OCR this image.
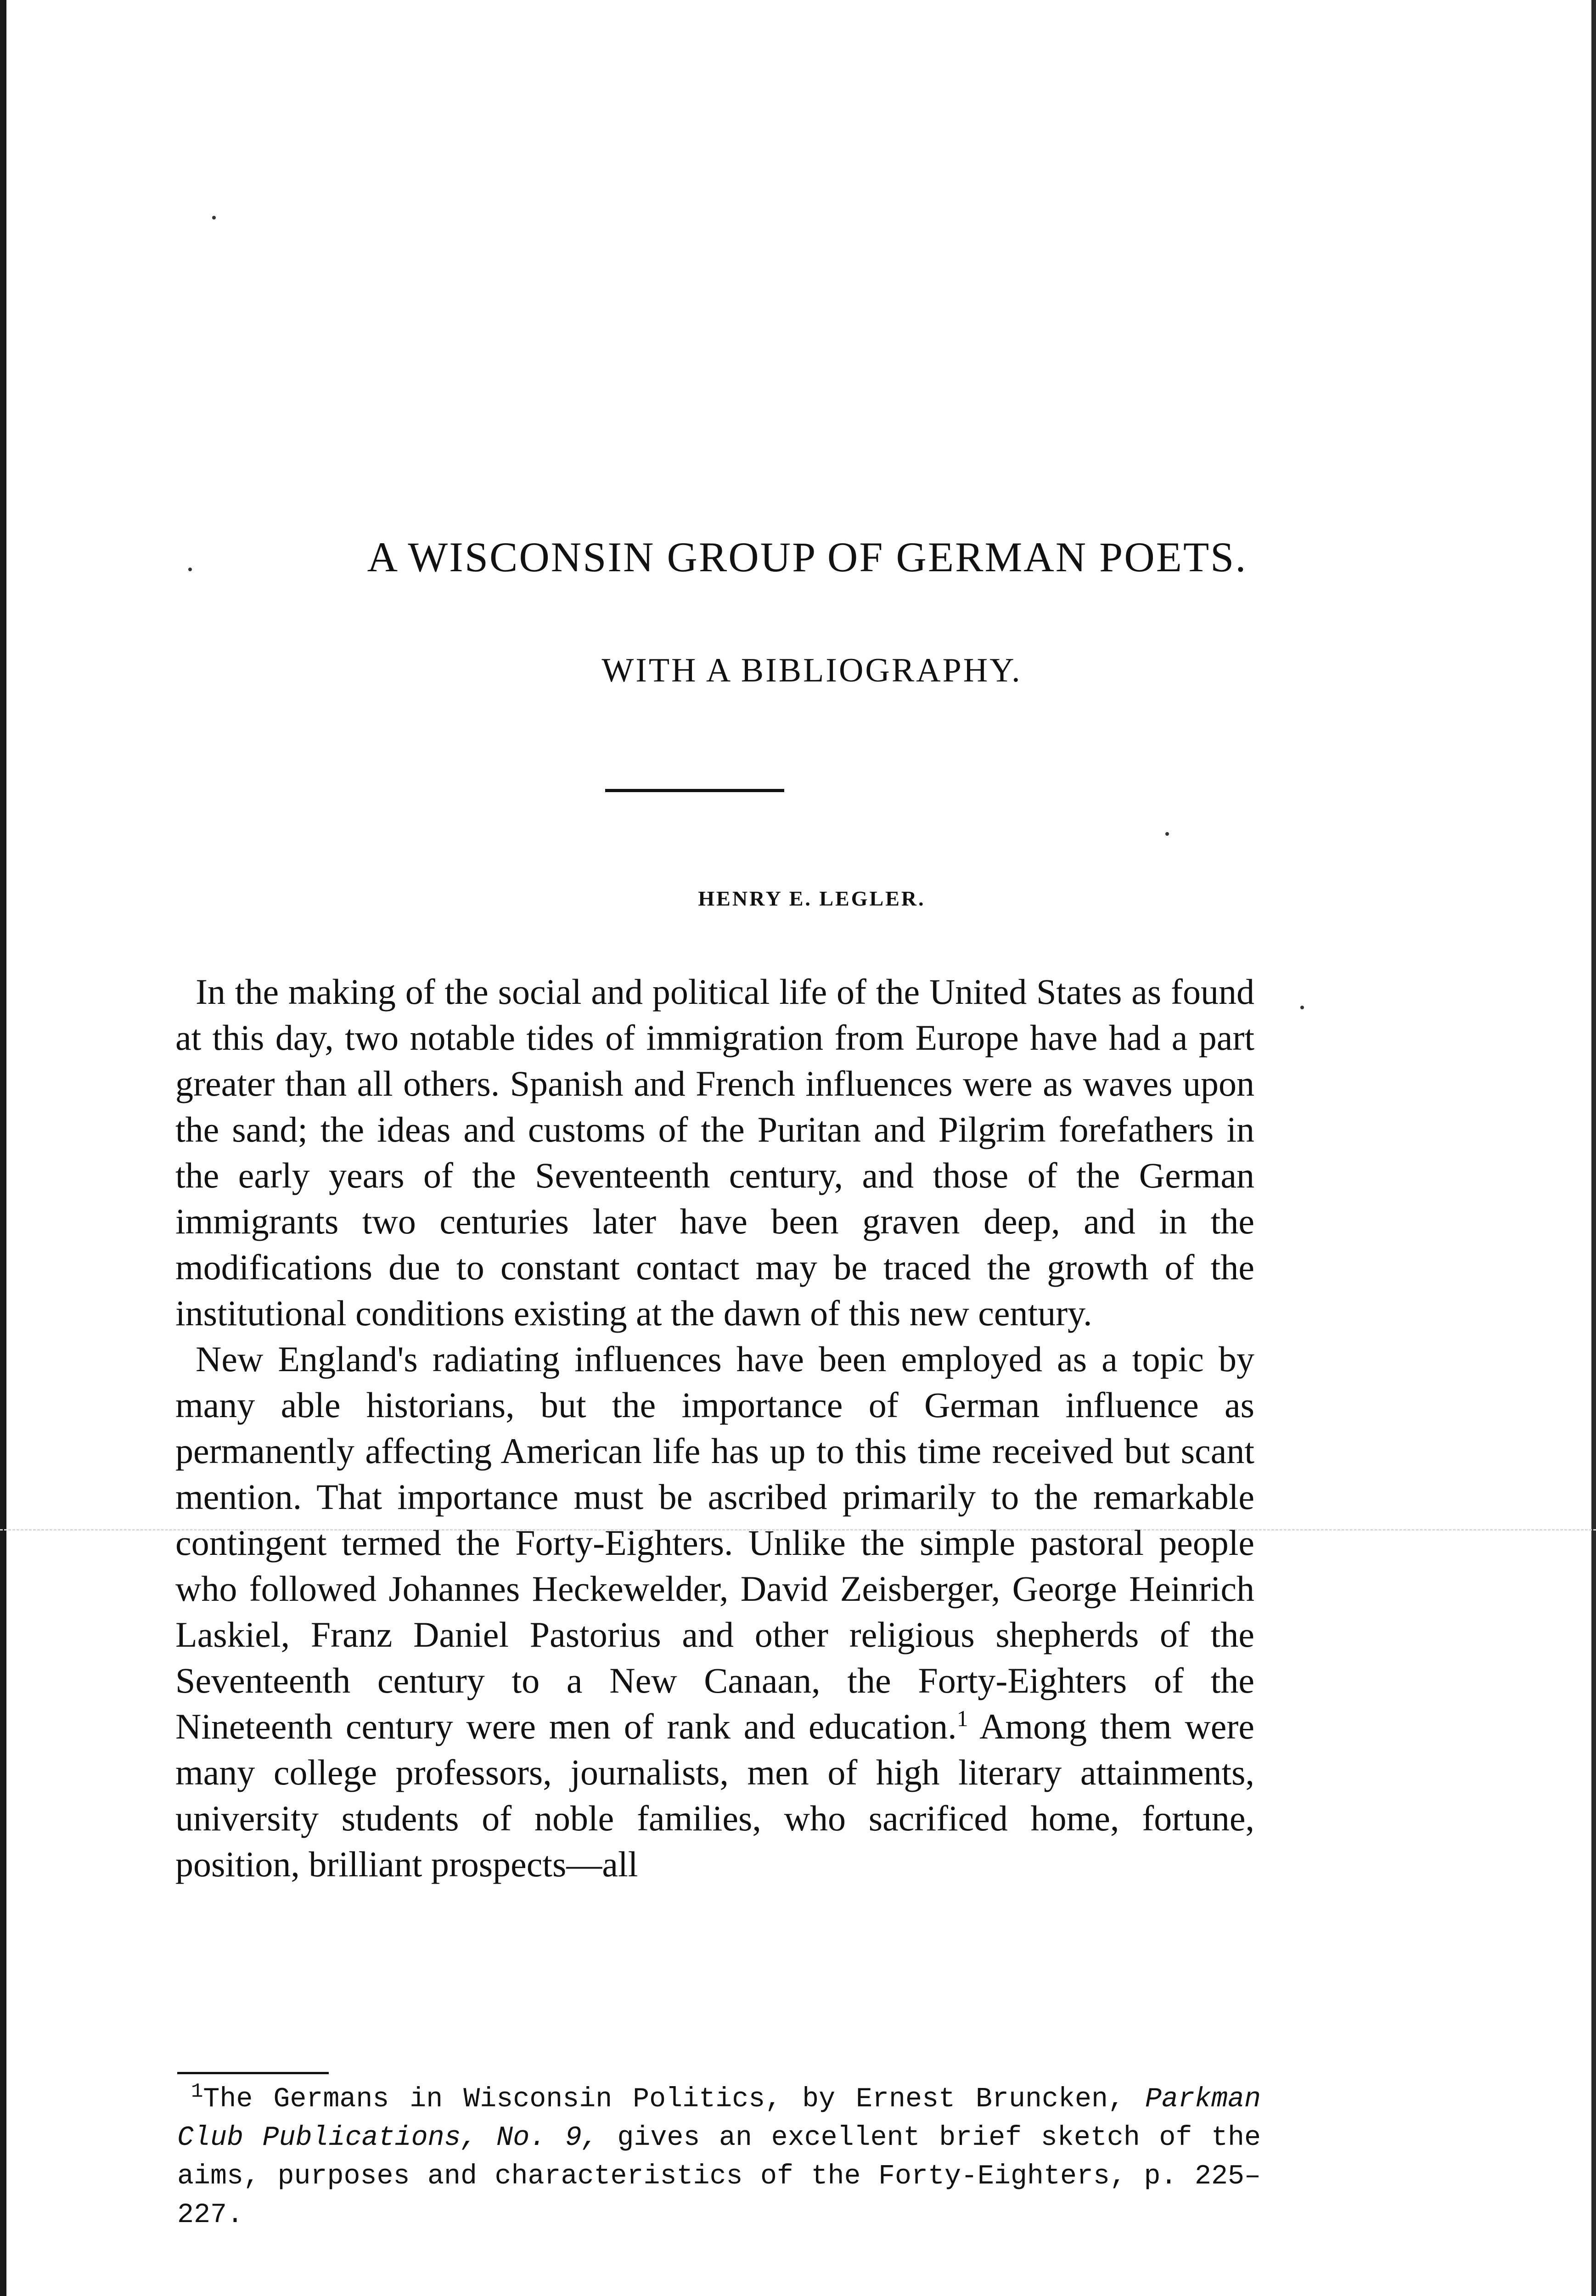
A WISCONSIN GROUP OF GERMAN POETS.
WITH A BIBLIOGRAPHY.
HENRY E. LEGLER.

In the making of the social and political life of the United States as found at this day, two notable tides of immigration from Europe have had a part greater than all others. Spanish and French influences were as waves upon the sand; the ideas and customs of the Puritan and Pilgrim forefathers in the early years of the Seventeenth century, and those of the German immigrants two centuries later have been graven deep, and in the modifications due to constant contact may be traced the growth of the institutional conditions existing at the dawn of this new century.

New England's radiating influences have been employed as a topic by many able historians, but the importance of German influence as permanently affecting American life has up to this time received but scant mention. That importance must be ascribed primarily to the remarkable contingent termed the Forty-Eighters. Unlike the simple pastoral people who followed Johannes Heckewelder, David Zeisberger, George Heinrich Laskiel, Franz Daniel Pastorius and other religious shepherds of the Seventeenth century to a New Canaan, the Forty-Eighters of the Nineteenth century were men of rank and education.$^1$ Among them were many college professors, journalists, men of high literary attainments, university students of noble families, who sacrificed home, fortune, position, brilliant prospects—all

$^1$The Germans in Wisconsin Politics, by Ernest Bruncken, Parkman Club Publications, No. 9, gives an excellent brief sketch of the aims, purposes and characteristics of the Forty-Eighters, p. 225–227.
